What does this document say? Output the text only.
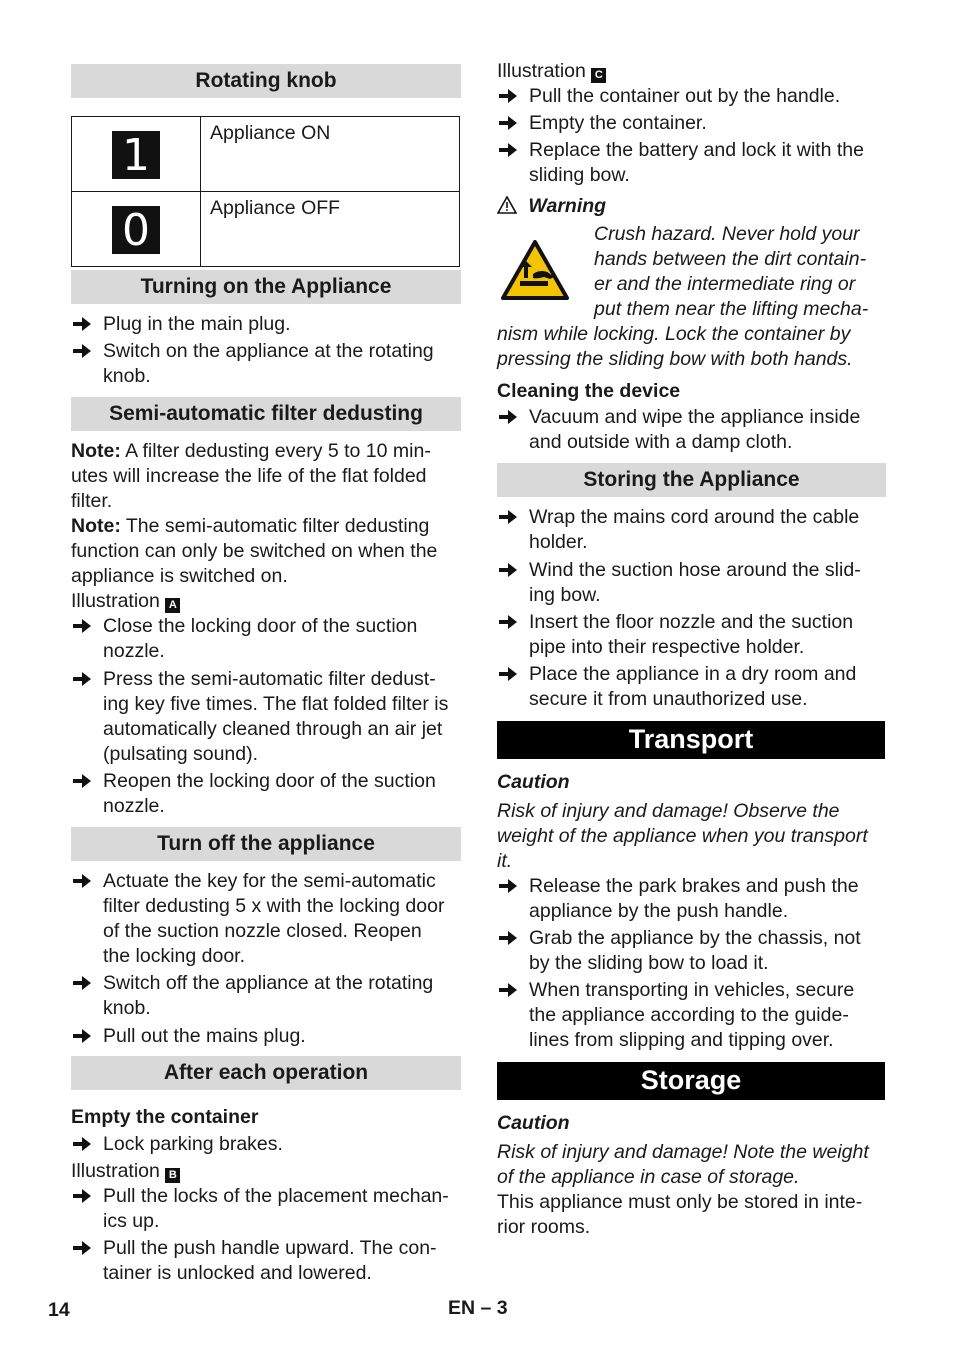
Rotating knob
1	Appliance ON
0	Appliance OFF
Turning on the Appliance
Plug in the main plug.
Switch on the appliance at the rotating
knob.
Semi-automatic filter dedusting
Note: A filter dedusting every 5 to 10 min-
utes will increase the life of the flat folded
filter.
Note: The semi-automatic filter dedusting
function can only be switched on when the
appliance is switched on.
Illustration A
Close the locking door of the suction
nozzle.
Press the semi-automatic filter dedust-
ing key five times. The flat folded filter is
automatically cleaned through an air jet
(pulsating sound).
Reopen the locking door of the suction
nozzle.
Turn off the appliance
Actuate the key for the semi-automatic
filter dedusting 5 x with the locking door
of the suction nozzle closed. Reopen
the locking door.
Switch off the appliance at the rotating
knob.
Pull out the mains plug.
After each operation
Empty the container
Lock parking brakes.
Illustration B
Pull the locks of the placement mechan-
ics up.
Pull the push handle upward. The con-
tainer is unlocked and lowered.
Illustration C
Pull the container out by the handle.
Empty the container.
Replace the battery and lock it with the
sliding bow.
Warning
Crush hazard. Never hold your
hands between the dirt contain-
er and the intermediate ring or
put them near the lifting mecha-
nism while locking. Lock the container by
pressing the sliding bow with both hands.
Cleaning the device
Vacuum and wipe the appliance inside
and outside with a damp cloth.
Storing the Appliance
Wrap the mains cord around the cable
holder.
Wind the suction hose around the slid-
ing bow.
Insert the floor nozzle and the suction
pipe into their respective holder.
Place the appliance in a dry room and
secure it from unauthorized use.
Transport
Caution
Risk of injury and damage! Observe the
weight of the appliance when you transport
it.
Release the park brakes and push the
appliance by the push handle.
Grab the appliance by the chassis, not
by the sliding bow to load it.
When transporting in vehicles, secure
the appliance according to the guide-
lines from slipping and tipping over.
Storage
Caution
Risk of injury and damage! Note the weight
of the appliance in case of storage.
This appliance must only be stored in inte-
rior rooms.
14	EN – 3
